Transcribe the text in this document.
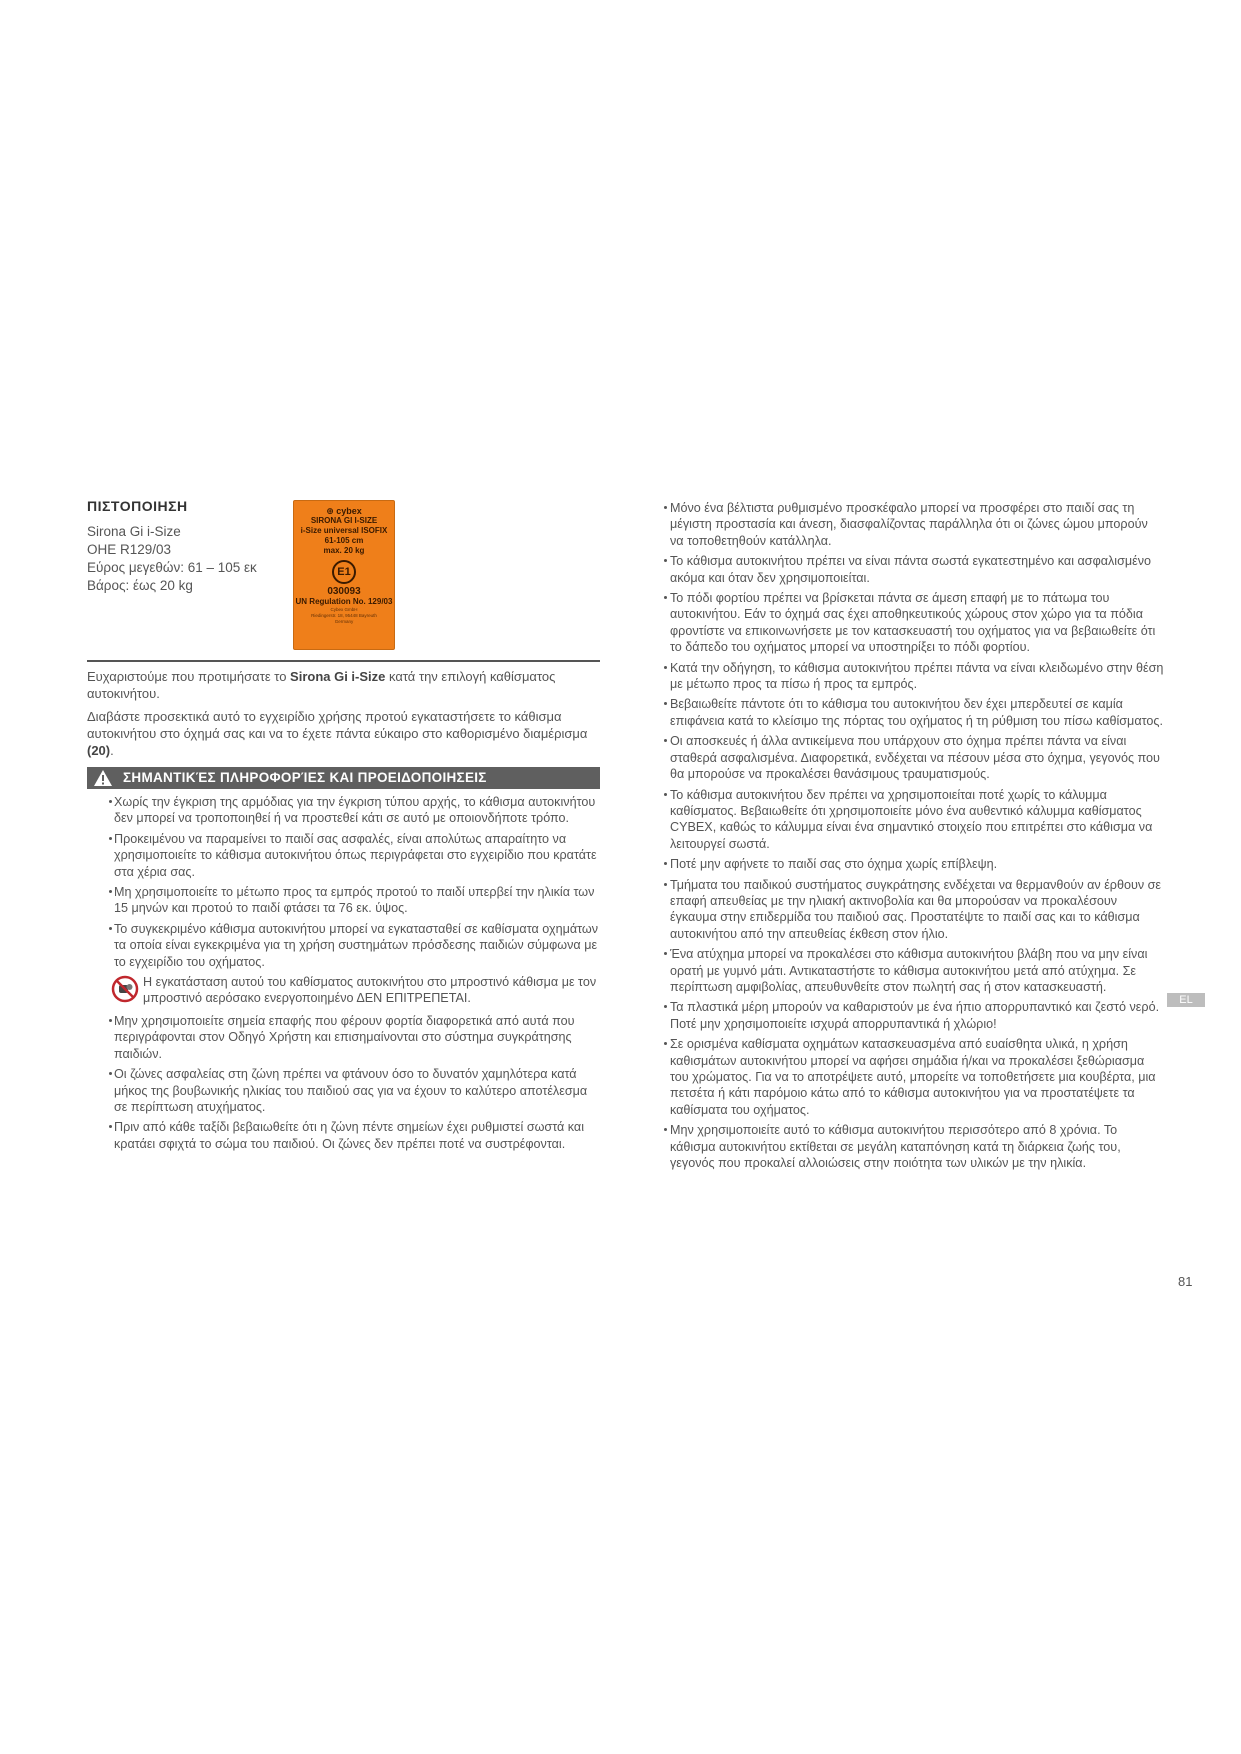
ΠΙΣΤΟΠΟΙΗΣΗ
Sirona Gi i-Size
ΟΗΕ R129/03
Εύρος μεγεθών: 61 – 105 εκ
Βάρος: έως 20 kg
⊕ cybex
SIRONA GI I-SIZE
i-Size universal ISOFIX
61-105 cm
max. 20 kg
E1
030093
UN Regulation No. 129/03
Cybex GmbH
Riedingerstr. 18, 95448 Bayreuth
Germany

Ευχαριστούμε που προτιμήσατε το Sirona Gi i-Size κατά την επιλογή καθίσματος αυτοκινήτου.

Διαβάστε προσεκτικά αυτό το εγχειρίδιο χρήσης προτού εγκαταστήσετε το κάθισμα αυτοκινήτου στο όχημά σας και να το έχετε πάντα εύκαιρο στο καθορισμένο διαμέρισμα (20).

ΣΗΜΑΝΤΙΚΈΣ ΠΛΗΡΟΦΟΡΊΕΣ ΚΑΙ ΠΡΟΕΙΔΟΠΟΙΗΣΕΙΣ
Χωρίς την έγκριση της αρμόδιας για την έγκριση τύπου αρχής, το κάθισμα αυτοκινήτου δεν μπορεί να τροποποιηθεί ή να προστεθεί κάτι σε αυτό με οποιονδήποτε τρόπο.
Προκειμένου να παραμείνει το παιδί σας ασφαλές, είναι απολύτως απαραίτητο να χρησιμοποιείτε το κάθισμα αυτοκινήτου όπως περιγράφεται στο εγχειρίδιο που κρατάτε στα χέρια σας.
Μη χρησιμοποιείτε το μέτωπο προς τα εμπρός προτού το παιδί υπερβεί την ηλικία των 15 μηνών και προτού το παιδί φτάσει τα 76 εκ. ύψος.
Το συγκεκριμένο κάθισμα αυτοκινήτου μπορεί να εγκατασταθεί σε καθίσματα οχημάτων τα οποία είναι εγκεκριμένα για τη χρήση συστημάτων πρόσδεσης παιδιών σύμφωνα με το εγχειρίδιο του οχήματος.
Η εγκατάσταση αυτού του καθίσματος αυτοκινήτου στο μπροστινό κάθισμα με τον μπροστινό αερόσακο ενεργοποιημένο ΔΕΝ ΕΠΙΤΡΕΠΕΤΑΙ.
Μην χρησιμοποιείτε σημεία επαφής που φέρουν φορτία διαφορετικά από αυτά που περιγράφονται στον Οδηγό Χρήστη και επισημαίνονται στο σύστημα συγκράτησης παιδιών.
Οι ζώνες ασφαλείας στη ζώνη πρέπει να φτάνουν όσο το δυνατόν χαμηλότερα κατά μήκος της βουβωνικής ηλικίας του παιδιού σας για να έχουν το καλύτερο αποτέλεσμα σε περίπτωση ατυχήματος.
Πριν από κάθε ταξίδι βεβαιωθείτε ότι η ζώνη πέντε σημείων έχει ρυθμιστεί σωστά και κρατάει σφιχτά το σώμα του παιδιού. Οι ζώνες δεν πρέπει ποτέ να συστρέφονται.
Μόνο ένα βέλτιστα ρυθμισμένο προσκέφαλο μπορεί να προσφέρει στο παιδί σας τη μέγιστη προστασία και άνεση, διασφαλίζοντας παράλληλα ότι οι ζώνες ώμου μπορούν να τοποθετηθούν κατάλληλα.
Το κάθισμα αυτοκινήτου πρέπει να είναι πάντα σωστά εγκατεστημένο και ασφαλισμένο ακόμα και όταν δεν χρησιμοποιείται.
Το πόδι φορτίου πρέπει να βρίσκεται πάντα σε άμεση επαφή με το πάτωμα του αυτοκινήτου. Εάν το όχημά σας έχει αποθηκευτικούς χώρους στον χώρο για τα πόδια φροντίστε να επικοινωνήσετε με τον κατασκευαστή του οχήματος για να βεβαιωθείτε ότι το δάπεδο του οχήματος μπορεί να υποστηρίξει το πόδι φορτίου.
Κατά την οδήγηση, το κάθισμα αυτοκινήτου πρέπει πάντα να είναι κλειδωμένο στην θέση με μέτωπο προς τα πίσω ή προς τα εμπρός.
Βεβαιωθείτε πάντοτε ότι το κάθισμα του αυτοκινήτου δεν έχει μπερδευτεί σε καμία επιφάνεια κατά το κλείσιμο της πόρτας του οχήματος ή τη ρύθμιση του πίσω καθίσματος.
Οι αποσκευές ή άλλα αντικείμενα που υπάρχουν στο όχημα πρέπει πάντα να είναι σταθερά ασφαλισμένα. Διαφορετικά, ενδέχεται να πέσουν μέσα στο όχημα, γεγονός που θα μπορούσε να προκαλέσει θανάσιμους τραυματισμούς.
Το κάθισμα αυτοκινήτου δεν πρέπει να χρησιμοποιείται ποτέ χωρίς το κάλυμμα καθίσματος. Βεβαιωθείτε ότι χρησιμοποιείτε μόνο ένα αυθεντικό κάλυμμα καθίσματος CYBEX, καθώς το κάλυμμα είναι ένα σημαντικό στοιχείο που επιτρέπει στο κάθισμα να λειτουργεί σωστά.
Ποτέ μην αφήνετε το παιδί σας στο όχημα χωρίς επίβλεψη.
Τμήματα του παιδικού συστήματος συγκράτησης ενδέχεται να θερμανθούν αν έρθουν σε επαφή απευθείας με την ηλιακή ακτινοβολία και θα μπορούσαν να προκαλέσουν έγκαυμα στην επιδερμίδα του παιδιού σας. Προστατέψτε το παιδί σας και το κάθισμα αυτοκινήτου από την απευθείας έκθεση στον ήλιο.
Ένα ατύχημα μπορεί να προκαλέσει στο κάθισμα αυτοκινήτου βλάβη που να μην είναι ορατή με γυμνό μάτι. Αντικαταστήστε το κάθισμα αυτοκινήτου μετά από ατύχημα. Σε περίπτωση αμφιβολίας, απευθυνθείτε στον πωλητή σας ή στον κατασκευαστή.
Τα πλαστικά μέρη μπορούν να καθαριστούν με ένα ήπιο απορρυπαντικό και ζεστό νερό. Ποτέ μην χρησιμοποιείτε ισχυρά απορρυπαντικά ή χλώριο!
Σε ορισμένα καθίσματα οχημάτων κατασκευασμένα από ευαίσθητα υλικά, η χρήση καθισμάτων αυτοκινήτου μπορεί να αφήσει σημάδια ή/και να προκαλέσει ξεθώριασμα του χρώματος. Για να το αποτρέψετε αυτό, μπορείτε να τοποθετήσετε μια κουβέρτα, μια πετσέτα ή κάτι παρόμοιο κάτω από το κάθισμα αυτοκινήτου για να προστατέψετε τα καθίσματα του οχήματος.
Μην χρησιμοποιείτε αυτό το κάθισμα αυτοκινήτου περισσότερο από 8 χρόνια. Το κάθισμα αυτοκινήτου εκτίθεται σε μεγάλη καταπόνηση κατά τη διάρκεια ζωής του, γεγονός που προκαλεί αλλοιώσεις στην ποιότητα των υλικών με την ηλικία.
EL
81
